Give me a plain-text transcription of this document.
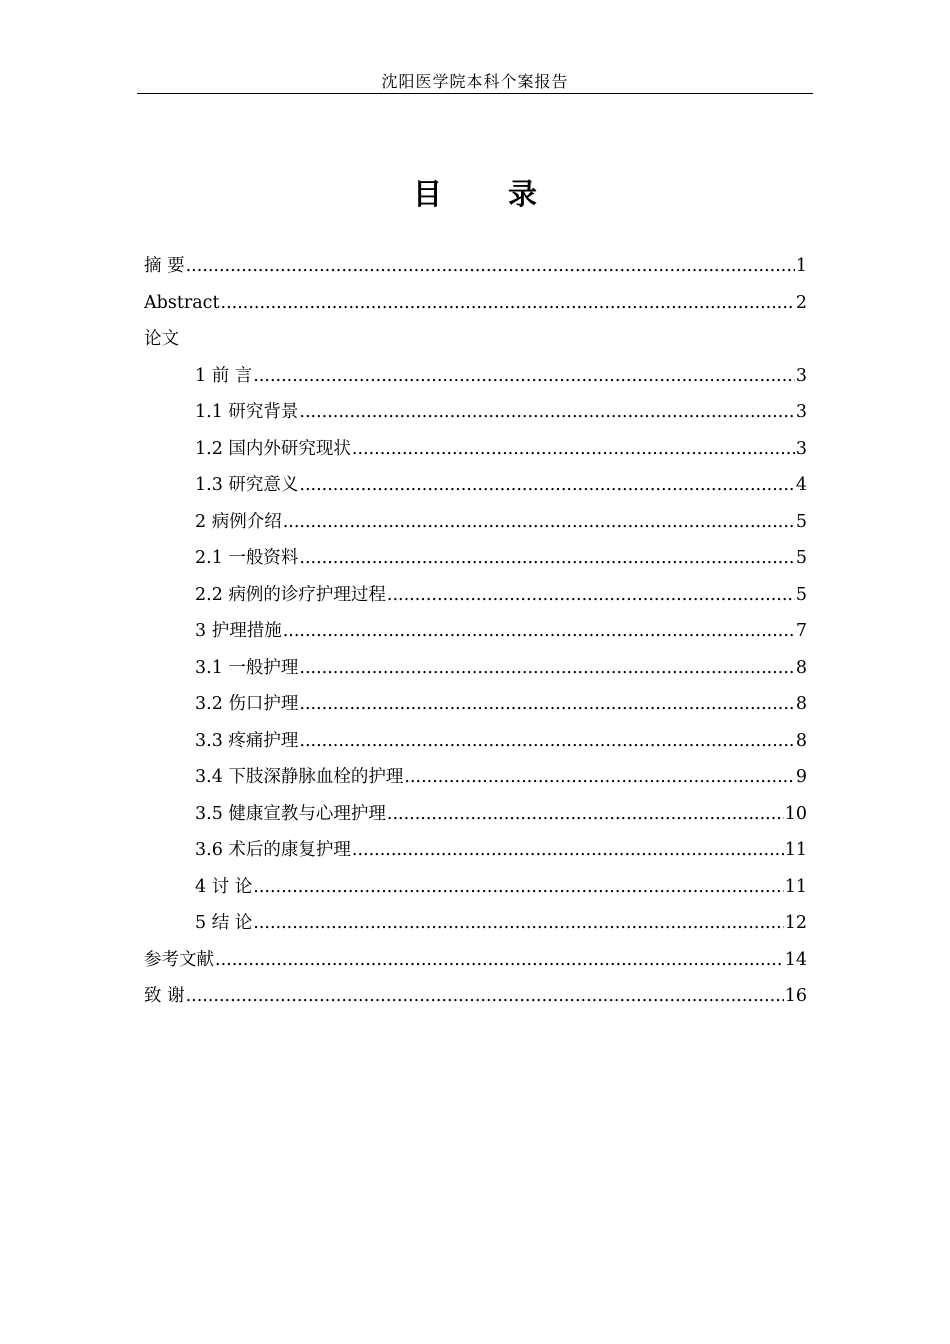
沈阳医学院本科个案报告
目 录
摘 要 .....	1
Abstract .....	2
论文
1 前 言 .....	3
1.1 研究背景 .....	3
1.2 国内外研究现状 .....	3
1.3 研究意义 .....	4
2 病例介绍 .....	5
2.1 一般资料 .....	5
2.2 病例的诊疗护理过程 .....	5
3 护理措施 .....	7
3.1 一般护理 .....	8
3.2 伤口护理 .....	8
3.3 疼痛护理 .....	8
3.4 下肢深静脉血栓的护理 .....	9
3.5 健康宣教与心理护理 .....	10
3.6 术后的康复护理 .....	11
4 讨 论 .....	11
5 结 论 .....	12
参考文献 .....	14
致 谢 .....	16
